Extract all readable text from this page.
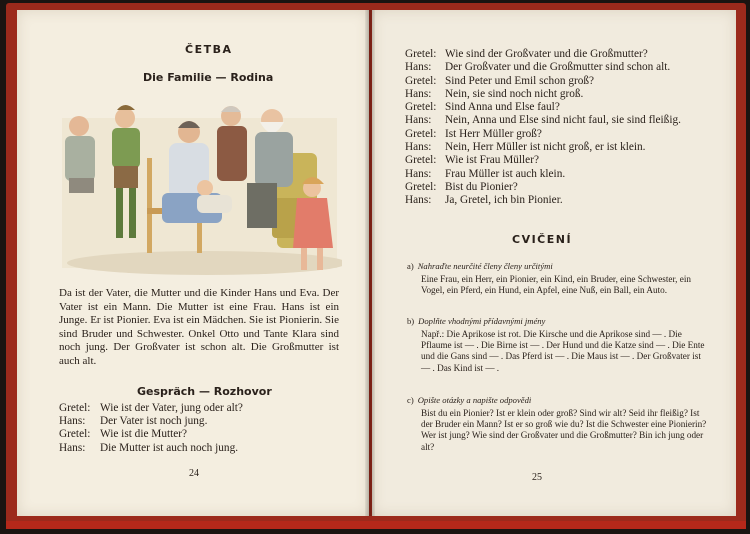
ČETBA
Die Familie — Rodina
Da ist der Vater, die Mutter und die Kinder Hans und Eva. Der Vater ist ein Mann. Die Mutter ist eine Frau. Hans ist ein Junge. Er ist Pionier. Eva ist ein Mädchen. Sie ist Pionierin. Sie sind Bruder und Schwester. Onkel Otto und Tante Klara sind noch jung. Der Großvater ist schon alt. Die Großmutter ist auch alt.
Gespräch — Rozhovor
Gretel: Wie ist der Vater, jung oder alt?
Hans:	Der Vater ist noch jung.
Gretel: Wie ist die Mutter?
Hans:	Die Mutter ist auch noch jung.
24
Gretel: Wie sind der Großvater und die Großmutter?
Hans:	Der Großvater und die Großmutter sind schon alt.
Gretel: Sind Peter und Emil schon groß?
Hans:	Nein, sie sind noch nicht groß.
Gretel: Sind Anna und Else faul?
Hans:	Nein, Anna und Else sind nicht faul, sie sind fleißig.
Gretel: Ist Herr Müller groß?
Hans:	Nein, Herr Müller ist nicht groß, er ist klein.
Gretel: Wie ist Frau Müller?
Hans:	Frau Müller ist auch klein.
Gretel: Bist du Pionier?
Hans:	Ja, Gretel, ich bin Pionier.
CVIČENÍ
a) Nahraďte neurčité členy členy určitými
Eine Frau, ein Herr, ein Pionier, ein Kind, ein Bruder, eine Schwester, ein Vogel, ein Pferd, ein Hund, ein Apfel, eine Nuß, ein Ball, ein Auto.
b) Doplňte vhodnými přídavnými jmény
Např.: Die Aprikose ist rot. Die Kirsche und die Aprikose sind — . Die Pflaume ist — . Die Birne ist — . Der Hund und die Katze sind — . Die Ente und die Gans sind — . Das Pferd ist — . Die Maus ist — . Der Großvater ist — . Das Kind ist — .
c) Opište otázky a napište odpovědi
Bist du ein Pionier? Ist er klein oder groß? Sind wir alt? Seid ihr fleißig? Ist der Bruder ein Mann? Ist er so groß wie du? Ist die Schwester eine Pionierin? Wer ist jung? Wie sind der Großvater und die Großmutter? Bin ich jung oder alt?
25
